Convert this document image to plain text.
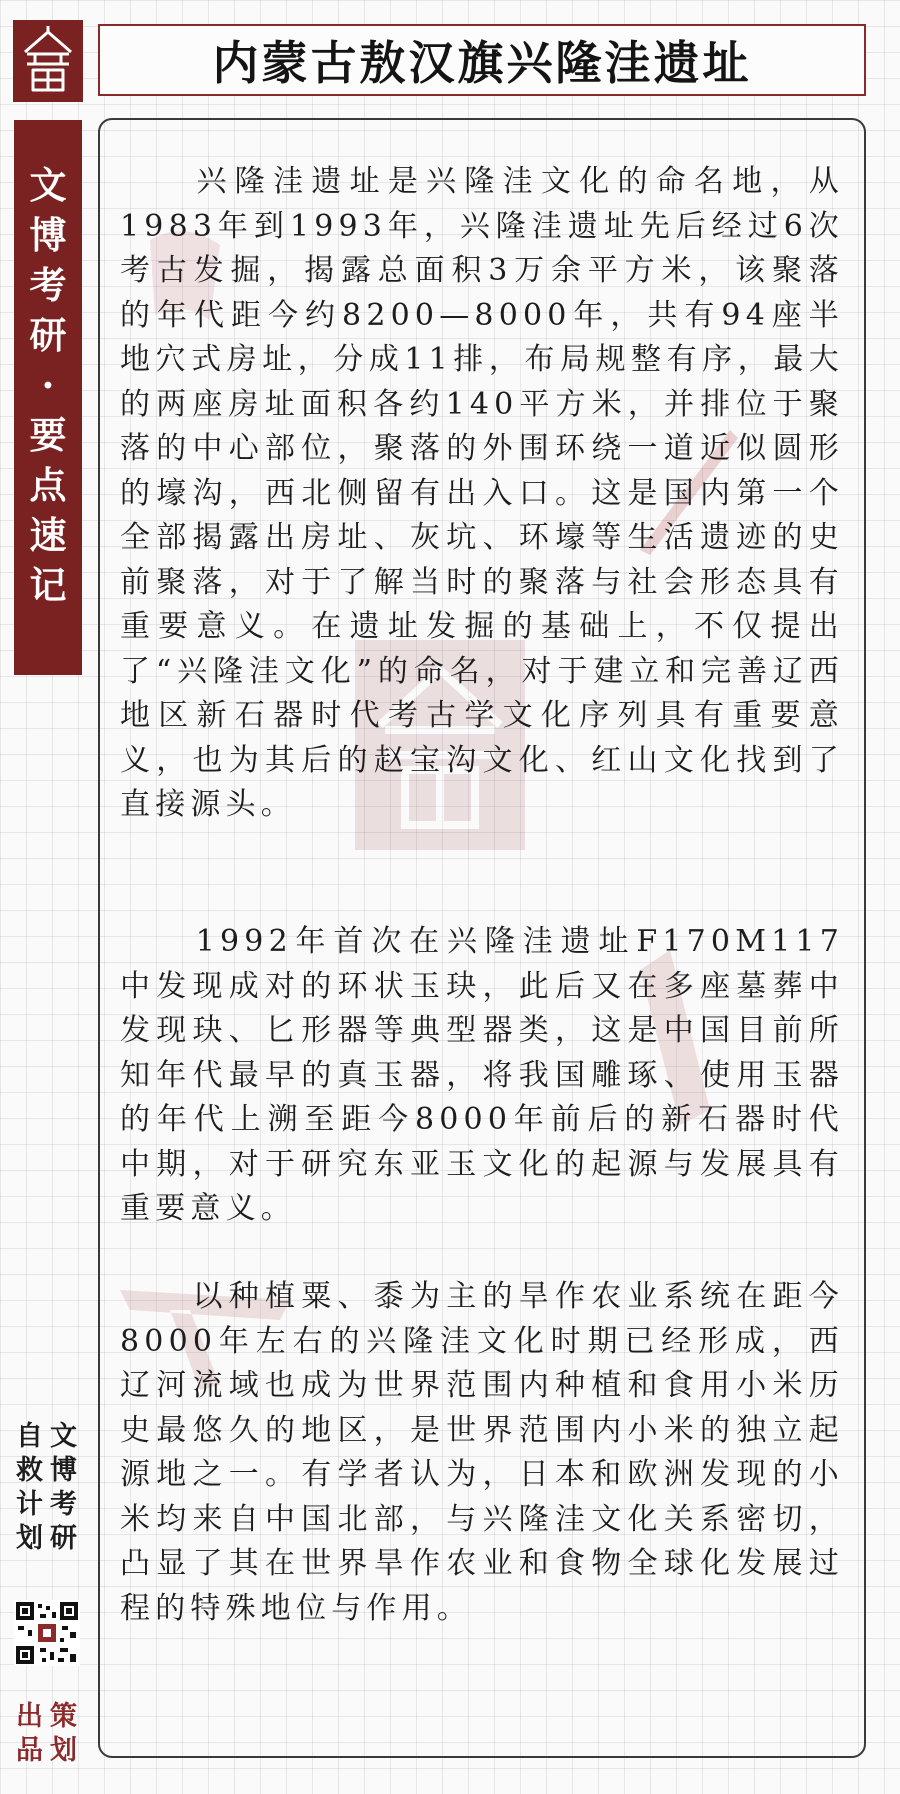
内蒙古敖汉旗兴隆洼遗址
文
博
考
研
·
要
点
速
记

　　兴隆洼遗址是兴隆洼文化的命名地，从1983年到1993年，兴隆洼遗址先后经过6次考古发掘，揭露总面积3万余平方米，该聚落的年代距今约8200—8000年，共有94座半地穴式房址，分成11排，布局规整有序，最大的两座房址面积各约140平方米，并排位于聚落的中心部位，聚落的外围环绕一道近似圆形的壕沟，西北侧留有出入口。这是国内第一个全部揭露出房址、灰坑、环壕等生活遗迹的史前聚落，对于了解当时的聚落与社会形态具有重要意义。在遗址发掘的基础上，不仅提出了“兴隆洼文化”的命名，对于建立和完善辽西地区新石器时代考古学文化序列具有重要意义，也为其后的赵宝沟文化、红山文化找到了直接源头。

　　1992年首次在兴隆洼遗址F170M117中发现成对的环状玉玦，此后又在多座墓葬中发现玦、匕形器等典型器类，这是中国目前所知年代最早的真玉器，将我国雕琢、使用玉器的年代上溯至距今8000年前后的新石器时代中期，对于研究东亚玉文化的起源与发展具有重要意义。

　　以种植粟、黍为主的旱作农业系统在距今8000年左右的兴隆洼文化时期已经形成，西辽河流域也成为世界范围内种植和食用小米历史最悠久的地区，是世界范围内小米的独立起源地之一。有学者认为，日本和欧洲发现的小米均来自中国北部，与兴隆洼文化关系密切，凸显了其在世界旱作农业和食物全球化发展过程的特殊地位与作用。

自
救
计
划
文
博
考
研
出
品
策
划
